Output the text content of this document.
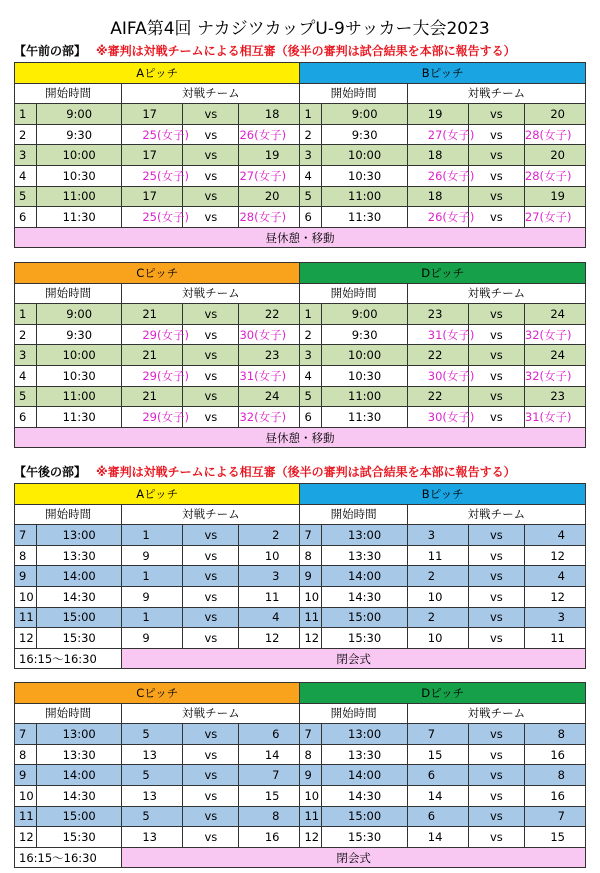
AIFA第4回 ナカジツカップU-9サッカー大会2023
【午前の部】 ※審判は対戦チームによる相互審（後半の審判は試合結果を本部に報告する）
Aピッチ					Bピッチ				
開始時間		対戦チーム			開始時間		対戦チーム		
1	9:00	17	vs	18	1	9:00	19	vs	20
2	9:30	25(女子)	vs	26(女子)	2	9:30	27(女子)	vs	28(女子)
3	10:00	17	vs	19	3	10:00	18	vs	20
4	10:30	25(女子)	vs	27(女子)	4	10:30	26(女子)	vs	28(女子)
5	11:00	17	vs	20	5	11:00	18	vs	19
6	11:30	25(女子)	vs	28(女子)	6	11:30	26(女子)	vs	27(女子)
昼休憩・移動									
Cピッチ					Dピッチ				
開始時間		対戦チーム			開始時間		対戦チーム		
1	9:00	21	vs	22	1	9:00	23	vs	24
2	9:30	29(女子)	vs	30(女子)	2	9:30	31(女子)	vs	32(女子)
3	10:00	21	vs	23	3	10:00	22	vs	24
4	10:30	29(女子)	vs	31(女子)	4	10:30	30(女子)	vs	32(女子)
5	11:00	21	vs	24	5	11:00	22	vs	23
6	11:30	29(女子)	vs	32(女子)	6	11:30	30(女子)	vs	31(女子)
昼休憩・移動									
【午後の部】 ※審判は対戦チームによる相互審（後半の審判は試合結果を本部に報告する）
Aピッチ					Bピッチ				
開始時間		対戦チーム			開始時間		対戦チーム		
7	13:00	1	vs	2	7	13:00	3	vs	4
8	13:30	9	vs	10	8	13:30	11	vs	12
9	14:00	1	vs	3	9	14:00	2	vs	4
10	14:30	9	vs	11	10	14:30	10	vs	12
11	15:00	1	vs	4	11	15:00	2	vs	3
12	15:30	9	vs	12	12	15:30	10	vs	11
16:15～16:30		閉会式							
Cピッチ					Dピッチ				
開始時間		対戦チーム			開始時間		対戦チーム		
7	13:00	5	vs	6	7	13:00	7	vs	8
8	13:30	13	vs	14	8	13:30	15	vs	16
9	14:00	5	vs	7	9	14:00	6	vs	8
10	14:30	13	vs	15	10	14:30	14	vs	16
11	15:00	5	vs	8	11	15:00	6	vs	7
12	15:30	13	vs	16	12	15:30	14	vs	15
16:15～16:30		閉会式							
